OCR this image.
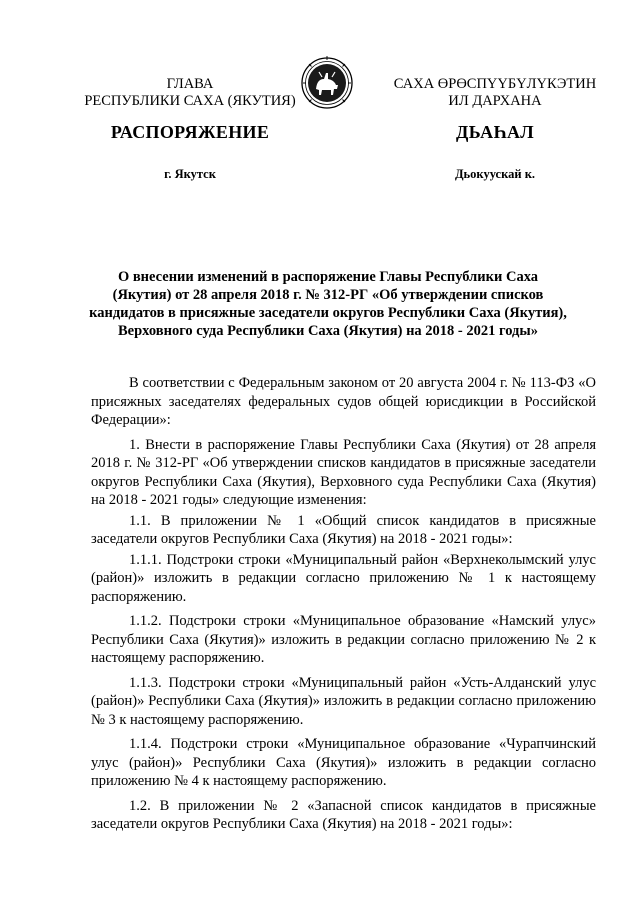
ГЛАВА
РЕСПУБЛИКИ САХА (ЯКУТИЯ)
САХА ӨРӨСПҮҮБҮЛҮКЭТИН
ИЛ ДАРХАНА
РАСПОРЯЖЕНИЕ	ДЬАҺАЛ
г. Якутск	Дьокуускай к.
О внесении изменений в распоряжение Главы Республики Саха (Якутия) от 28 апреля 2018 г. № 312-РГ «Об утверждении списков кандидатов в присяжные заседатели округов Республики Саха (Якутия), Верховного суда Республики Саха (Якутия) на 2018 - 2021 годы»

В соответствии с Федеральным законом от 20 августа 2004 г. № 113-ФЗ «О присяжных заседателях федеральных судов общей юрисдикции в Российской Федерации»:

1. Внести в распоряжение Главы Республики Саха (Якутия) от 28 апреля 2018 г. № 312-РГ «Об утверждении списков кандидатов в присяжные заседатели округов Республики Саха (Якутия), Верховного суда Республики Саха (Якутия) на 2018 - 2021 годы» следующие изменения:

1.1. В приложении № 1 «Общий список кандидатов в присяжные заседатели округов Республики Саха (Якутия) на 2018 - 2021 годы»:

1.1.1. Подстроки строки «Муниципальный район «Верхнеколымский улус (район)» изложить в редакции согласно приложению № 1 к настоящему распоряжению.

1.1.2. Подстроки строки «Муниципальное образование «Намский улус» Республики Саха (Якутия)» изложить в редакции согласно приложению № 2 к настоящему распоряжению.

1.1.3. Подстроки строки «Муниципальный район «Усть-Алданский улус (район)» Республики Саха (Якутия)» изложить в редакции согласно приложению № 3 к настоящему распоряжению.

1.1.4. Подстроки строки «Муниципальное образование «Чурапчинский улус (район)» Республики Саха (Якутия)» изложить в редакции согласно приложению № 4 к настоящему распоряжению.

1.2. В приложении № 2 «Запасной список кандидатов в присяжные заседатели округов Республики Саха (Якутия) на 2018 - 2021 годы»:
